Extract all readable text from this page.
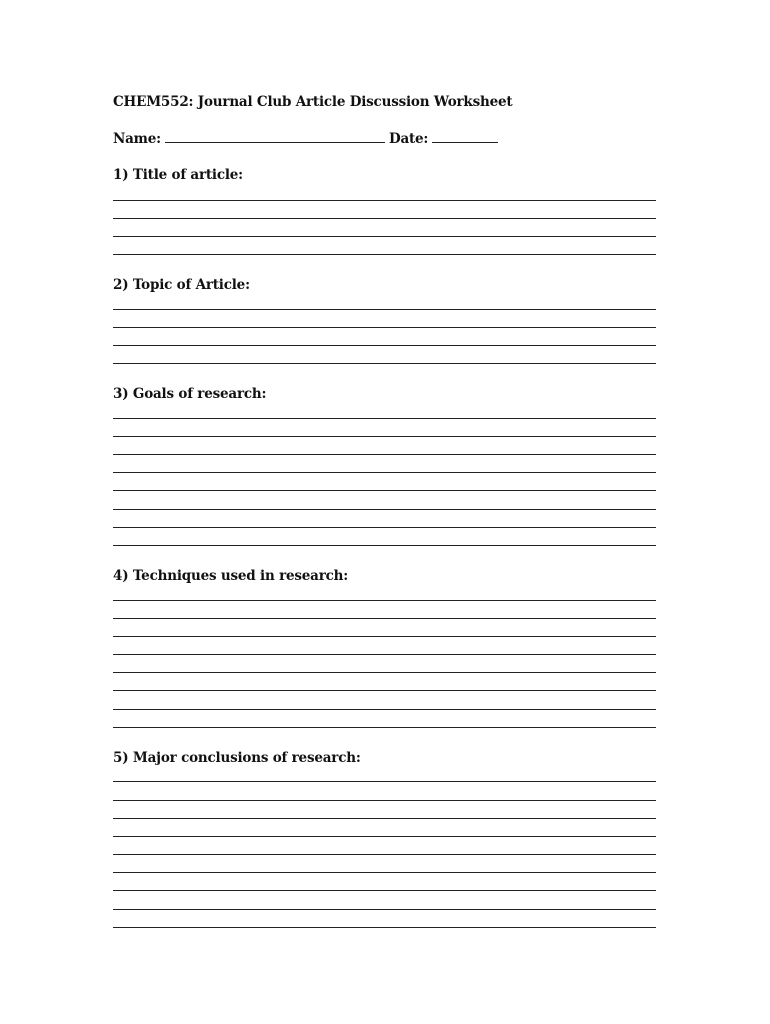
CHEM552: Journal Club Article Discussion Worksheet
Name:	Date:
1) Title of article:
2) Topic of Article:
3) Goals of research:
4) Techniques used in research:
5) Major conclusions of research:
